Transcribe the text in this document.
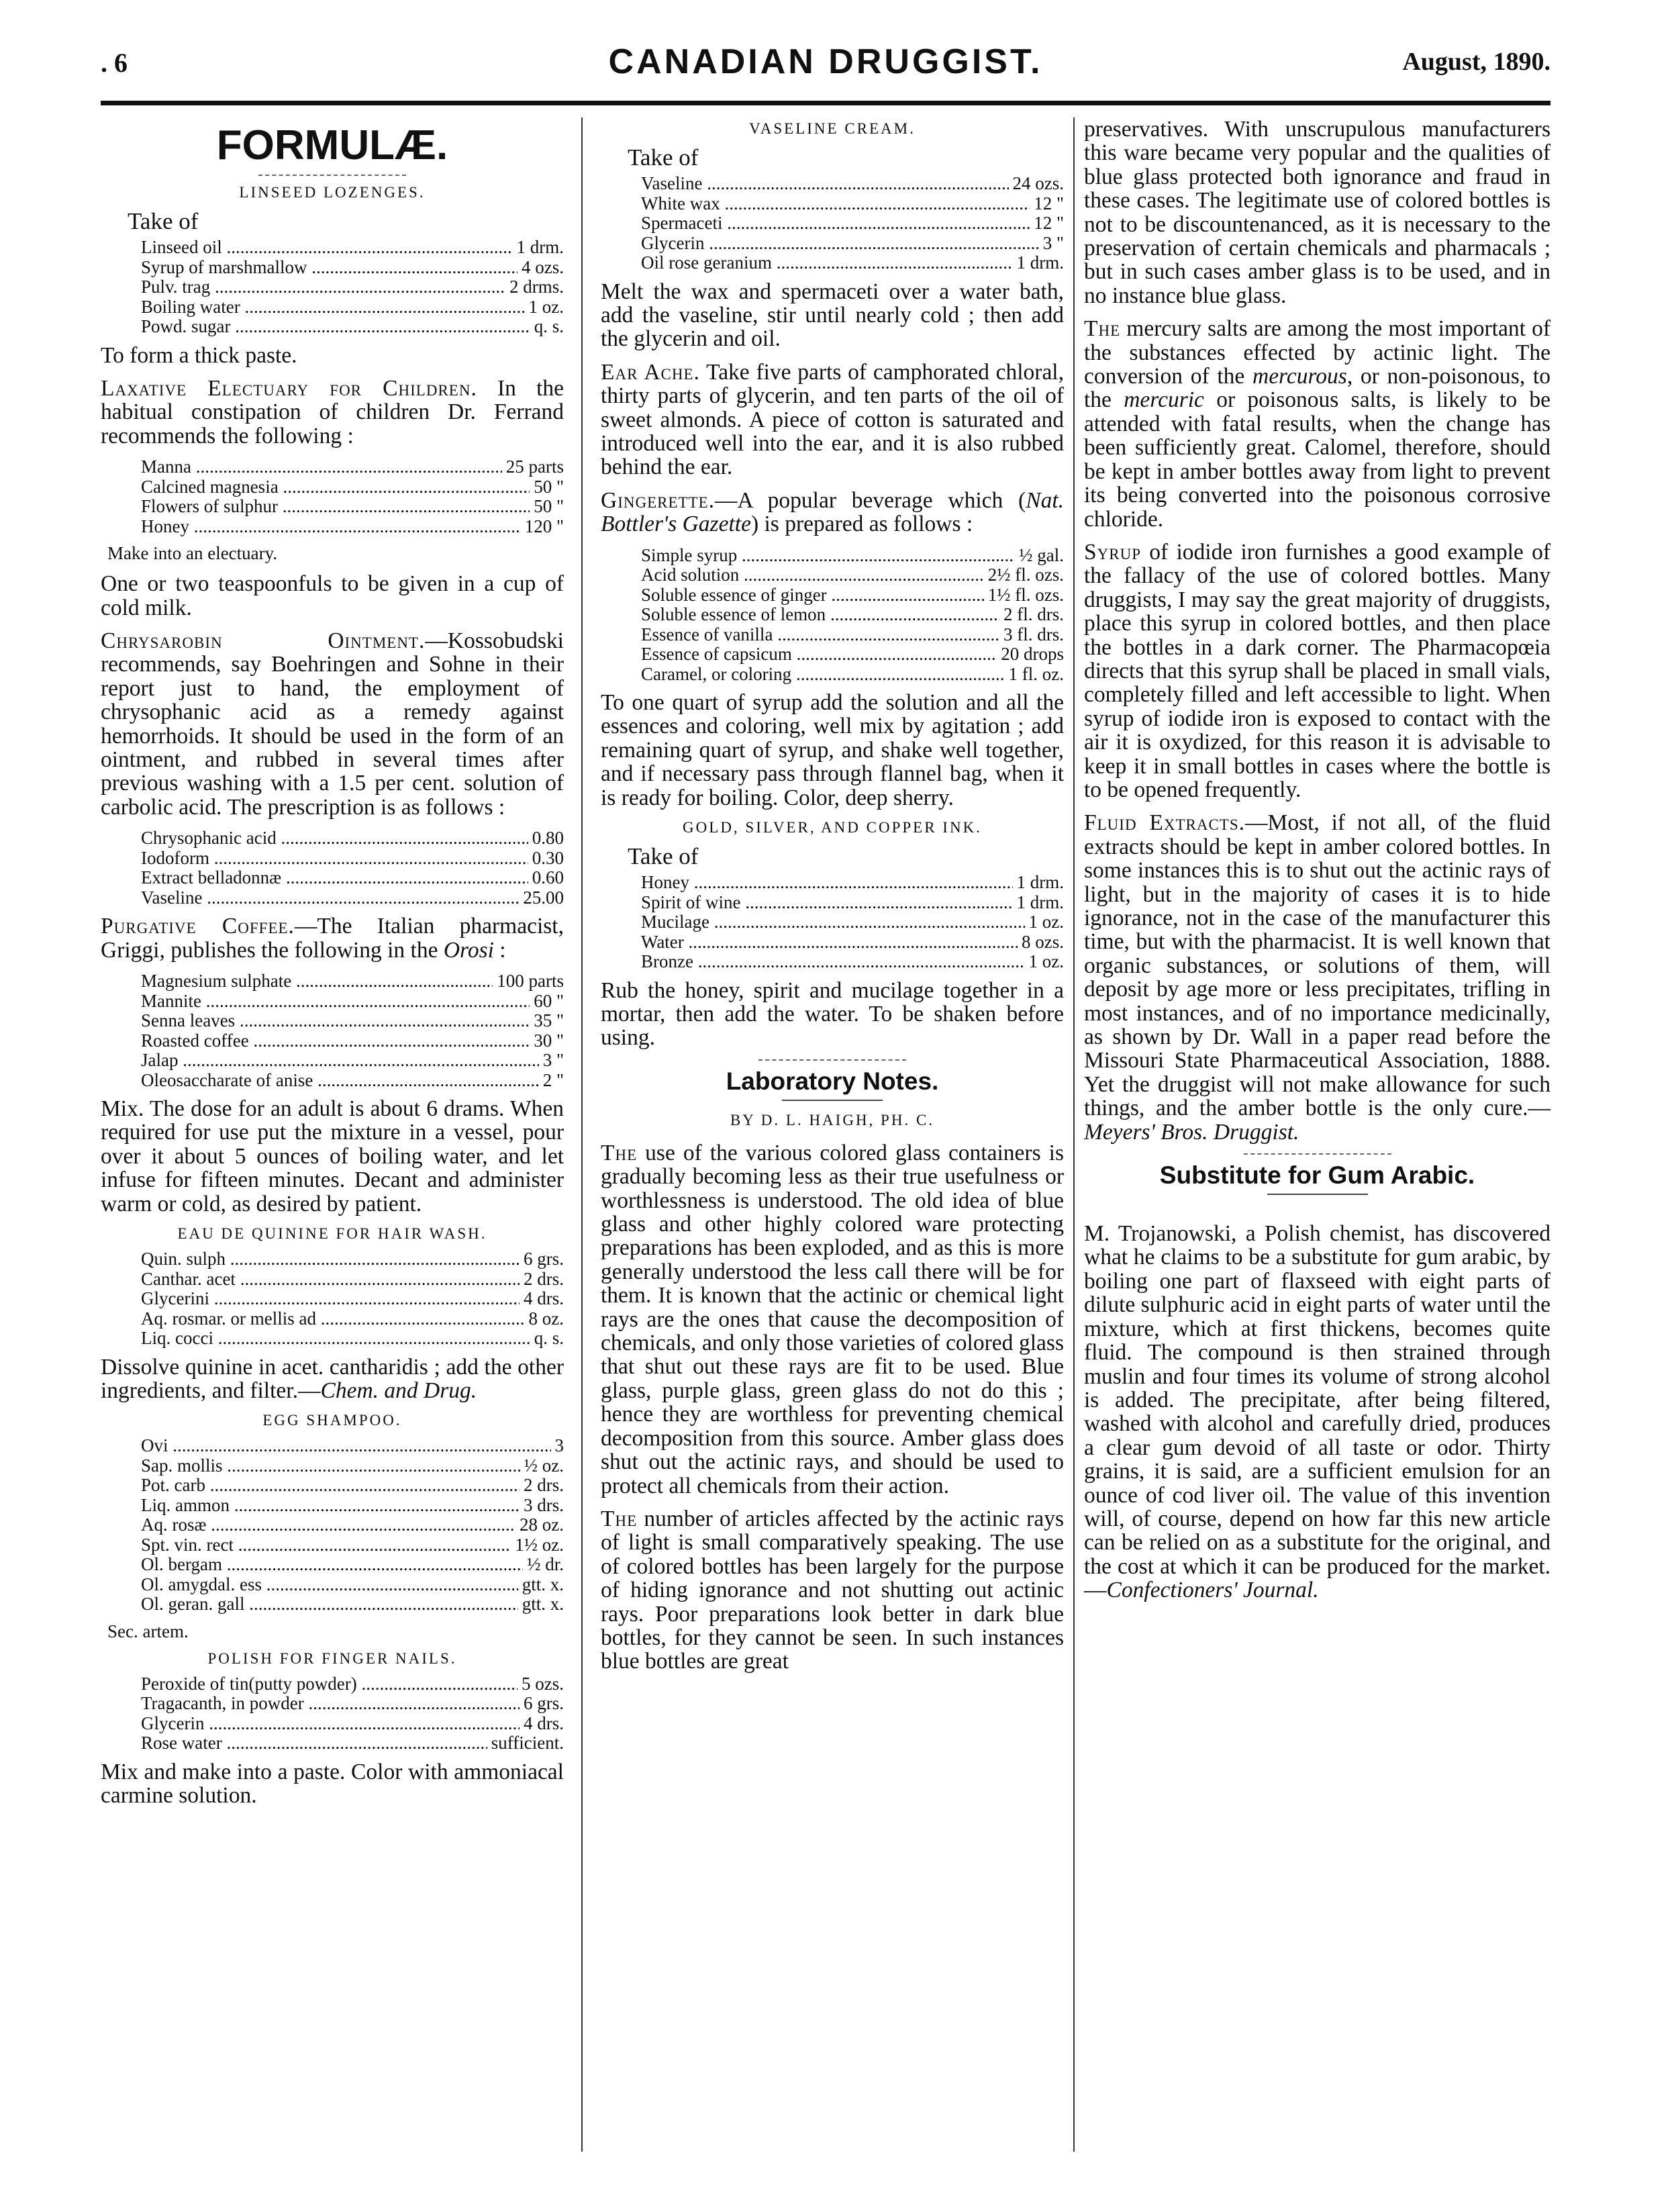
. 6	CANADIAN DRUGGIST.	August, 1890.
FORMULÆ.
LINSEED LOZENGES.
Take of
Linseed oil .....	1 drm.
Syrup of marshmallow .....	4 ozs.
Pulv. trag .....	2 drms.
Boiling water .....	1 oz.
Powd. sugar .....	q. s.

To form a thick paste.

Laxative Electuary for Children. In the habitual constipation of children Dr. Ferrand recommends the following :

Manna .....	25 parts
Calcined magnesia .....	50 "
Flowers of sulphur .....	50 "
Honey .....	120 "
Make into an electuary.

One or two teaspoonfuls to be given in a cup of cold milk.

Chrysarobin Ointment.—Kossobudski recommends, say Boehringen and Sohne in their report just to hand, the employment of chrysophanic acid as a remedy against hemorrhoids. It should be used in the form of an ointment, and rubbed in several times after previous washing with a 1.5 per cent. solution of carbolic acid. The prescription is as follows :

Chrysophanic acid .....	0.80
Iodoform .....	0.30
Extract belladonnæ .....	0.60
Vaseline .....	25.00

Purgative Coffee.—The Italian pharmacist, Griggi, publishes the following in the Orosi :

Magnesium sulphate .....	100 parts
Mannite .....	60 "
Senna leaves .....	35 "
Roasted coffee .....	30 "
Jalap .....	3 "
Oleosaccharate of anise .....	2 "

Mix. The dose for an adult is about 6 drams. When required for use put the mixture in a vessel, pour over it about 5 ounces of boiling water, and let infuse for fifteen minutes. Decant and administer warm or cold, as desired by patient.

EAU DE QUININE FOR HAIR WASH.
Quin. sulph .....	6 grs.
Canthar. acet .....	2 drs.
Glycerini .....	4 drs.
Aq. rosmar. or mellis ad .....	8 oz.
Liq. cocci .....	q. s.

Dissolve quinine in acet. cantharidis ; add the other ingredients, and filter.—Chem. and Drug.

EGG SHAMPOO.
Ovi .....	3
Sap. mollis .....	½ oz.
Pot. carb .....	2 drs.
Liq. ammon .....	3 drs.
Aq. rosæ .....	28 oz.
Spt. vin. rect .....	1½ oz.
Ol. bergam .....	½ dr.
Ol. amygdal. ess .....	gtt. x.
Ol. geran. gall .....	gtt. x.
Sec. artem.
POLISH FOR FINGER NAILS.
Peroxide of tin(putty powder) .....	5 ozs.
Tragacanth, in powder .....	6 grs.
Glycerin .....	4 drs.
Rose water .....	sufficient.

Mix and make into a paste. Color with ammoniacal carmine solution.

VASELINE CREAM.
Take of
Vaseline .....	24 ozs.
White wax .....	12 "
Spermaceti .....	12 "
Glycerin .....	3 "
Oil rose geranium .....	1 drm.

Melt the wax and spermaceti over a water bath, add the vaseline, stir until nearly cold ; then add the glycerin and oil.

Ear Ache. Take five parts of camphorated chloral, thirty parts of glycerin, and ten parts of the oil of sweet almonds. A piece of cotton is saturated and introduced well into the ear, and it is also rubbed behind the ear.

Gingerette.—A popular beverage which (Nat. Bottler's Gazette) is prepared as follows :

Simple syrup .....	½ gal.
Acid solution .....	2½ fl. ozs.
Soluble essence of ginger .....	1½ fl. ozs.
Soluble essence of lemon .....	2 fl. drs.
Essence of vanilla .....	3 fl. drs.
Essence of capsicum .....	20 drops
Caramel, or coloring .....	1 fl. oz.

To one quart of syrup add the solution and all the essences and coloring, well mix by agitation ; add remaining quart of syrup, and shake well together, and if necessary pass through flannel bag, when it is ready for boiling. Color, deep sherry.

GOLD, SILVER, AND COPPER INK.
Take of
Honey .....	1 drm.
Spirit of wine .....	1 drm.
Mucilage .....	1 oz.
Water .....	8 ozs.
Bronze .....	1 oz.

Rub the honey, spirit and mucilage together in a mortar, then add the water. To be shaken before using.

Laboratory Notes.
BY D. L. HAIGH, PH. C.

The use of the various colored glass containers is gradually becoming less as their true usefulness or worthlessness is understood. The old idea of blue glass and other highly colored ware protecting preparations has been exploded, and as this is more generally understood the less call there will be for them. It is known that the actinic or chemical light rays are the ones that cause the decomposition of chemicals, and only those varieties of colored glass that shut out these rays are fit to be used. Blue glass, purple glass, green glass do not do this ; hence they are worthless for preventing chemical decomposition from this source. Amber glass does shut out the actinic rays, and should be used to protect all chemicals from their action.

The number of articles affected by the actinic rays of light is small comparatively speaking. The use of colored bottles has been largely for the purpose of hiding ignorance and not shutting out actinic rays. Poor preparations look better in dark blue bottles, for they cannot be seen. In such instances blue bottles are great

preservatives. With unscrupulous manufacturers this ware became very popular and the qualities of blue glass protected both ignorance and fraud in these cases. The legitimate use of colored bottles is not to be discountenanced, as it is necessary to the preservation of certain chemicals and pharmacals ; but in such cases amber glass is to be used, and in no instance blue glass.

The mercury salts are among the most important of the substances effected by actinic light. The conversion of the mercurous, or non-poisonous, to the mercuric or poisonous salts, is likely to be attended with fatal results, when the change has been sufficiently great. Calomel, therefore, should be kept in amber bottles away from light to prevent its being converted into the poisonous corrosive chloride.

Syrup of iodide iron furnishes a good example of the fallacy of the use of colored bottles. Many druggists, I may say the great majority of druggists, place this syrup in colored bottles, and then place the bottles in a dark corner. The Pharmacopœia directs that this syrup shall be placed in small vials, completely filled and left accessible to light. When syrup of iodide iron is exposed to contact with the air it is oxydized, for this reason it is advisable to keep it in small bottles in cases where the bottle is to be opened frequently.

Fluid Extracts.—Most, if not all, of the fluid extracts should be kept in amber colored bottles. In some instances this is to shut out the actinic rays of light, but in the majority of cases it is to hide ignorance, not in the case of the manufacturer this time, but with the pharmacist. It is well known that organic substances, or solutions of them, will deposit by age more or less precipitates, trifling in most instances, and of no importance medicinally, as shown by Dr. Wall in a paper read before the Missouri State Pharmaceutical Association, 1888. Yet the druggist will not make allowance for such things, and the amber bottle is the only cure.—Meyers' Bros. Druggist.

Substitute for Gum Arabic.

M. Trojanowski, a Polish chemist, has discovered what he claims to be a substitute for gum arabic, by boiling one part of flaxseed with eight parts of dilute sulphuric acid in eight parts of water until the mixture, which at first thickens, becomes quite fluid. The compound is then strained through muslin and four times its volume of strong alcohol is added. The precipitate, after being filtered, washed with alcohol and carefully dried, produces a clear gum devoid of all taste or odor. Thirty grains, it is said, are a sufficient emulsion for an ounce of cod liver oil. The value of this invention will, of course, depend on how far this new article can be relied on as a substitute for the original, and the cost at which it can be produced for the market.—Confectioners' Journal.
